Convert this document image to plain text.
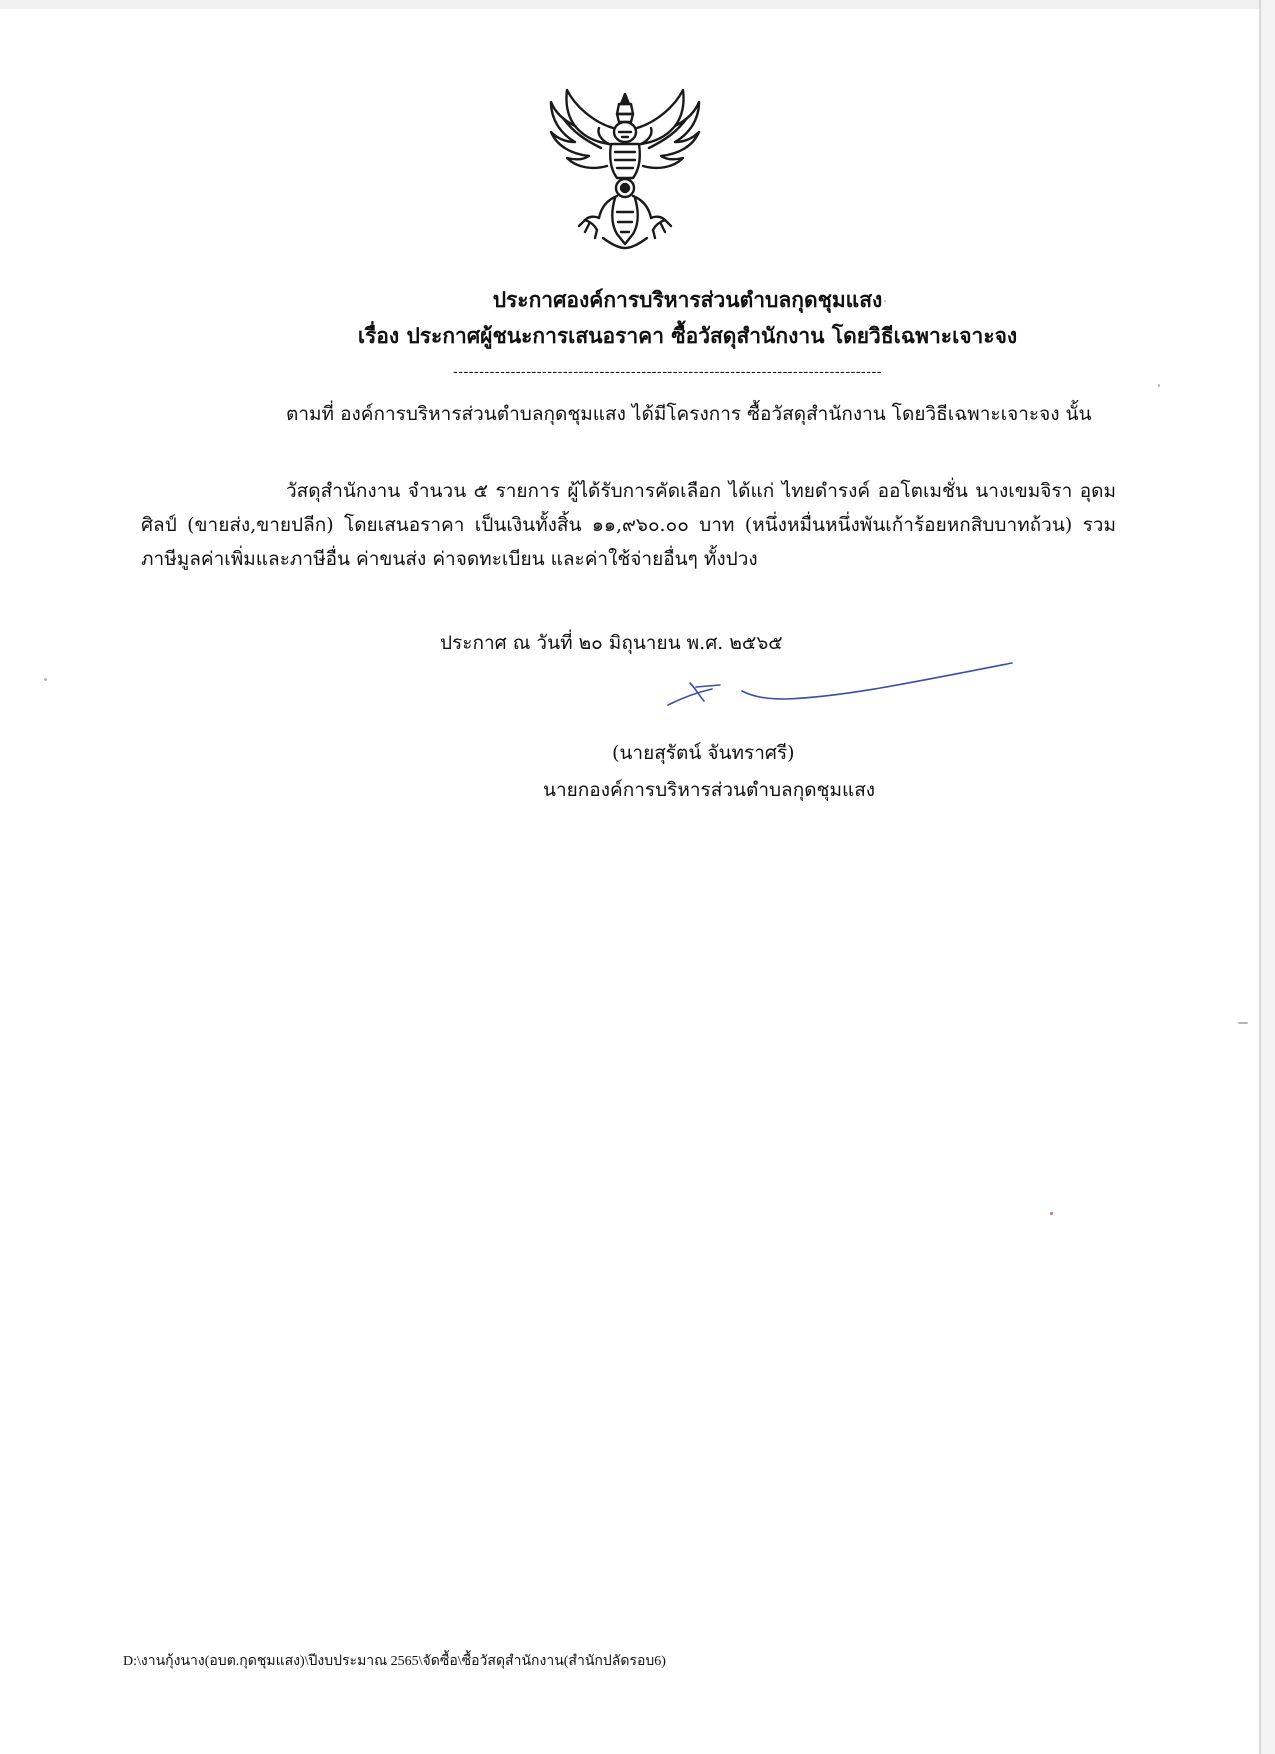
ประกาศองค์การบริหารส่วนตำบลกุดชุมแสง
เรื่อง ประกาศผู้ชนะการเสนอราคา ซื้อวัสดุสำนักงาน โดยวิธีเฉพาะเจาะจง
----------------------------------------------------------------------------------
ตามที่ องค์การบริหารส่วนตำบลกุดชุมแสง ได้มีโครงการ ซื้อวัสดุสำนักงาน โดยวิธีเฉพาะเจาะจง นั้น
วัสดุสำนักงาน จำนวน ๕ รายการ ผู้ได้รับการคัดเลือก ได้แก่ ไทยดำรงค์ ออโตเมชั่น นางเขมจิรา อุดมศิลป์ (ขายส่ง,ขายปลีก) โดยเสนอราคา เป็นเงินทั้งสิ้น ๑๑,๙๖๐.๐๐ บาท (หนึ่งหมื่นหนึ่งพันเก้าร้อยหกสิบบาทถ้วน) รวมภาษีมูลค่าเพิ่มและภาษีอื่น ค่าขนส่ง ค่าจดทะเบียน และค่าใช้จ่ายอื่นๆ ทั้งปวง
ประกาศ ณ วันที่ ๒๐ มิถุนายน พ.ศ. ๒๕๖๕
(นายสุรัตน์ จันทราศรี)
นายกองค์การบริหารส่วนตำบลกุดชุมแสง
D:\งานกุ้งนาง(อบต.กุดชุมแสง)\ปีงบประมาณ 2565\จัดซื้อ\ซื้อวัสดุสำนักงาน(สำนักปลัดรอบ6)
